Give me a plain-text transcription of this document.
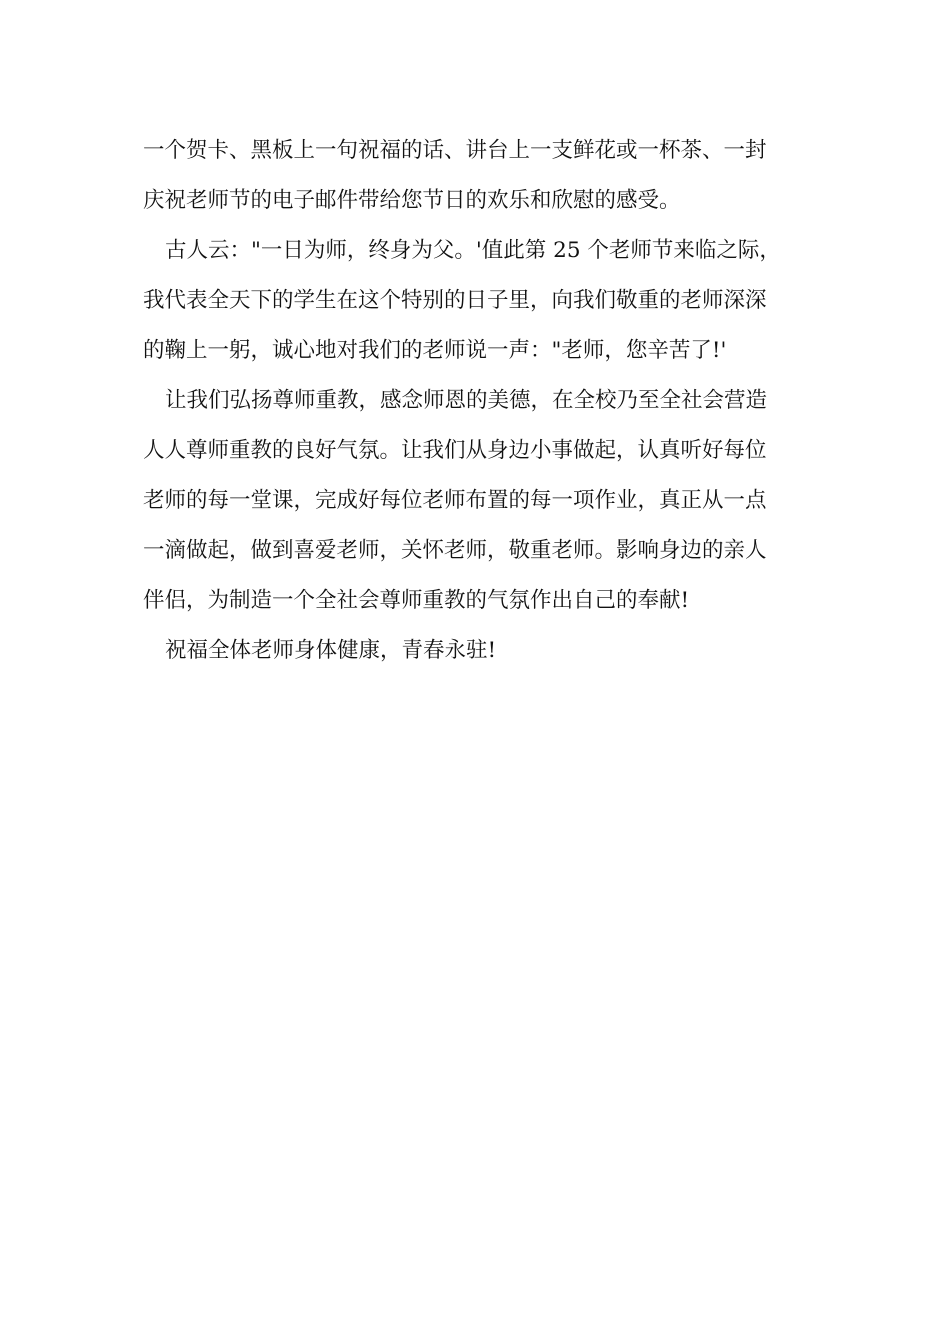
一个贺卡、黑板上一句祝福的话、讲台上一支鲜花或一杯茶、一封
庆祝老师节的电子邮件带给您节日的欢乐和欣慰的感受。
古人云："一日为师，终身为父。'值此第 25 个老师节来临之际，
我代表全天下的学生在这个特别的日子里，向我们敬重的老师深深
的鞠上一躬，诚心地对我们的老师说一声："老师，您辛苦了!'
让我们弘扬尊师重教，感念师恩的美德，在全校乃至全社会营造
人人尊师重教的良好气氛。让我们从身边小事做起，认真听好每位
老师的每一堂课，完成好每位老师布置的每一项作业，真正从一点
一滴做起，做到喜爱老师，关怀老师，敬重老师。影响身边的亲人
伴侣，为制造一个全社会尊师重教的气氛作出自己的奉献!
祝福全体老师身体健康，青春永驻!
